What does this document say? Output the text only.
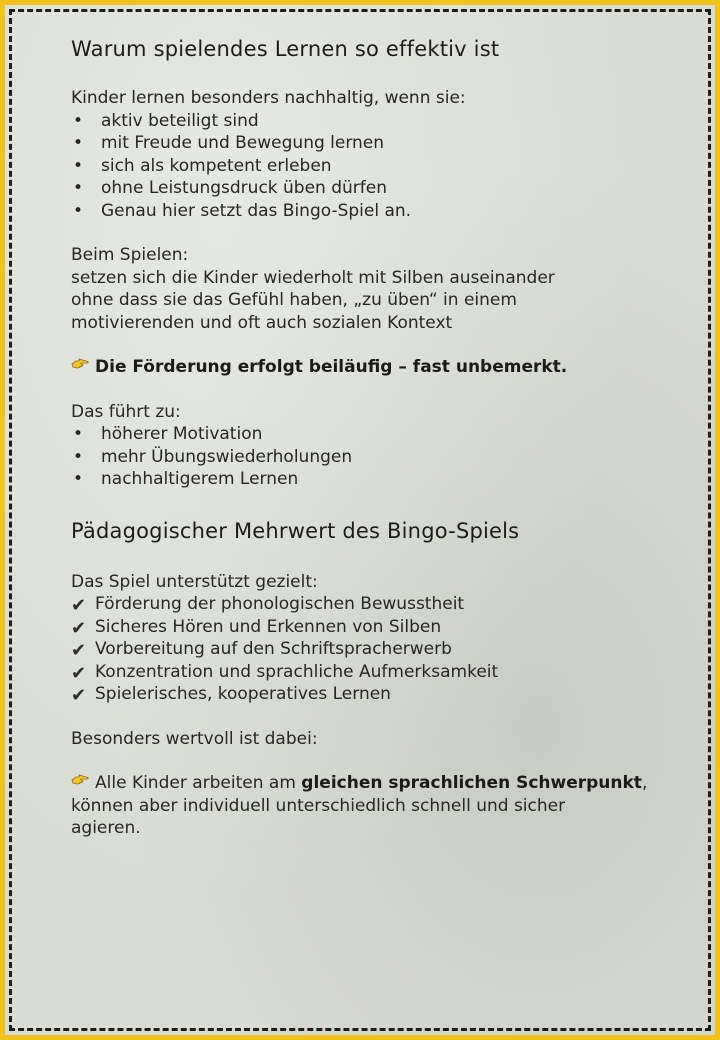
Warum spielendes Lernen so effektiv ist

Kinder lernen besonders nachhaltig, wenn sie:

• aktiv beteiligt sind
• mit Freude und Bewegung lernen
• sich als kompetent erleben
• ohne Leistungsdruck üben dürfen
• Genau hier setzt das Bingo-Spiel an.

Beim Spielen:

setzen sich die Kinder wiederholt mit Silben auseinander

ohne dass sie das Gefühl haben, „zu üben“ in einem

motivierenden und oft auch sozialen Kontext

Die Förderung erfolgt beiläufig – fast unbemerkt.

Das führt zu:

• höherer Motivation
• mehr Übungswiederholungen
• nachhaltigerem Lernen
Pädagogischer Mehrwert des Bingo-Spiels

Das Spiel unterstützt gezielt:

✔ Förderung der phonologischen Bewusstheit
✔ Sicheres Hören und Erkennen von Silben
✔ Vorbereitung auf den Schriftspracherwerb
✔ Konzentration und sprachliche Aufmerksamkeit
✔ Spielerisches, kooperatives Lernen

Besonders wertvoll ist dabei:

Alle Kinder arbeiten am gleichen sprachlichen Schwerpunkt,

können aber individuell unterschiedlich schnell und sicher

agieren.
